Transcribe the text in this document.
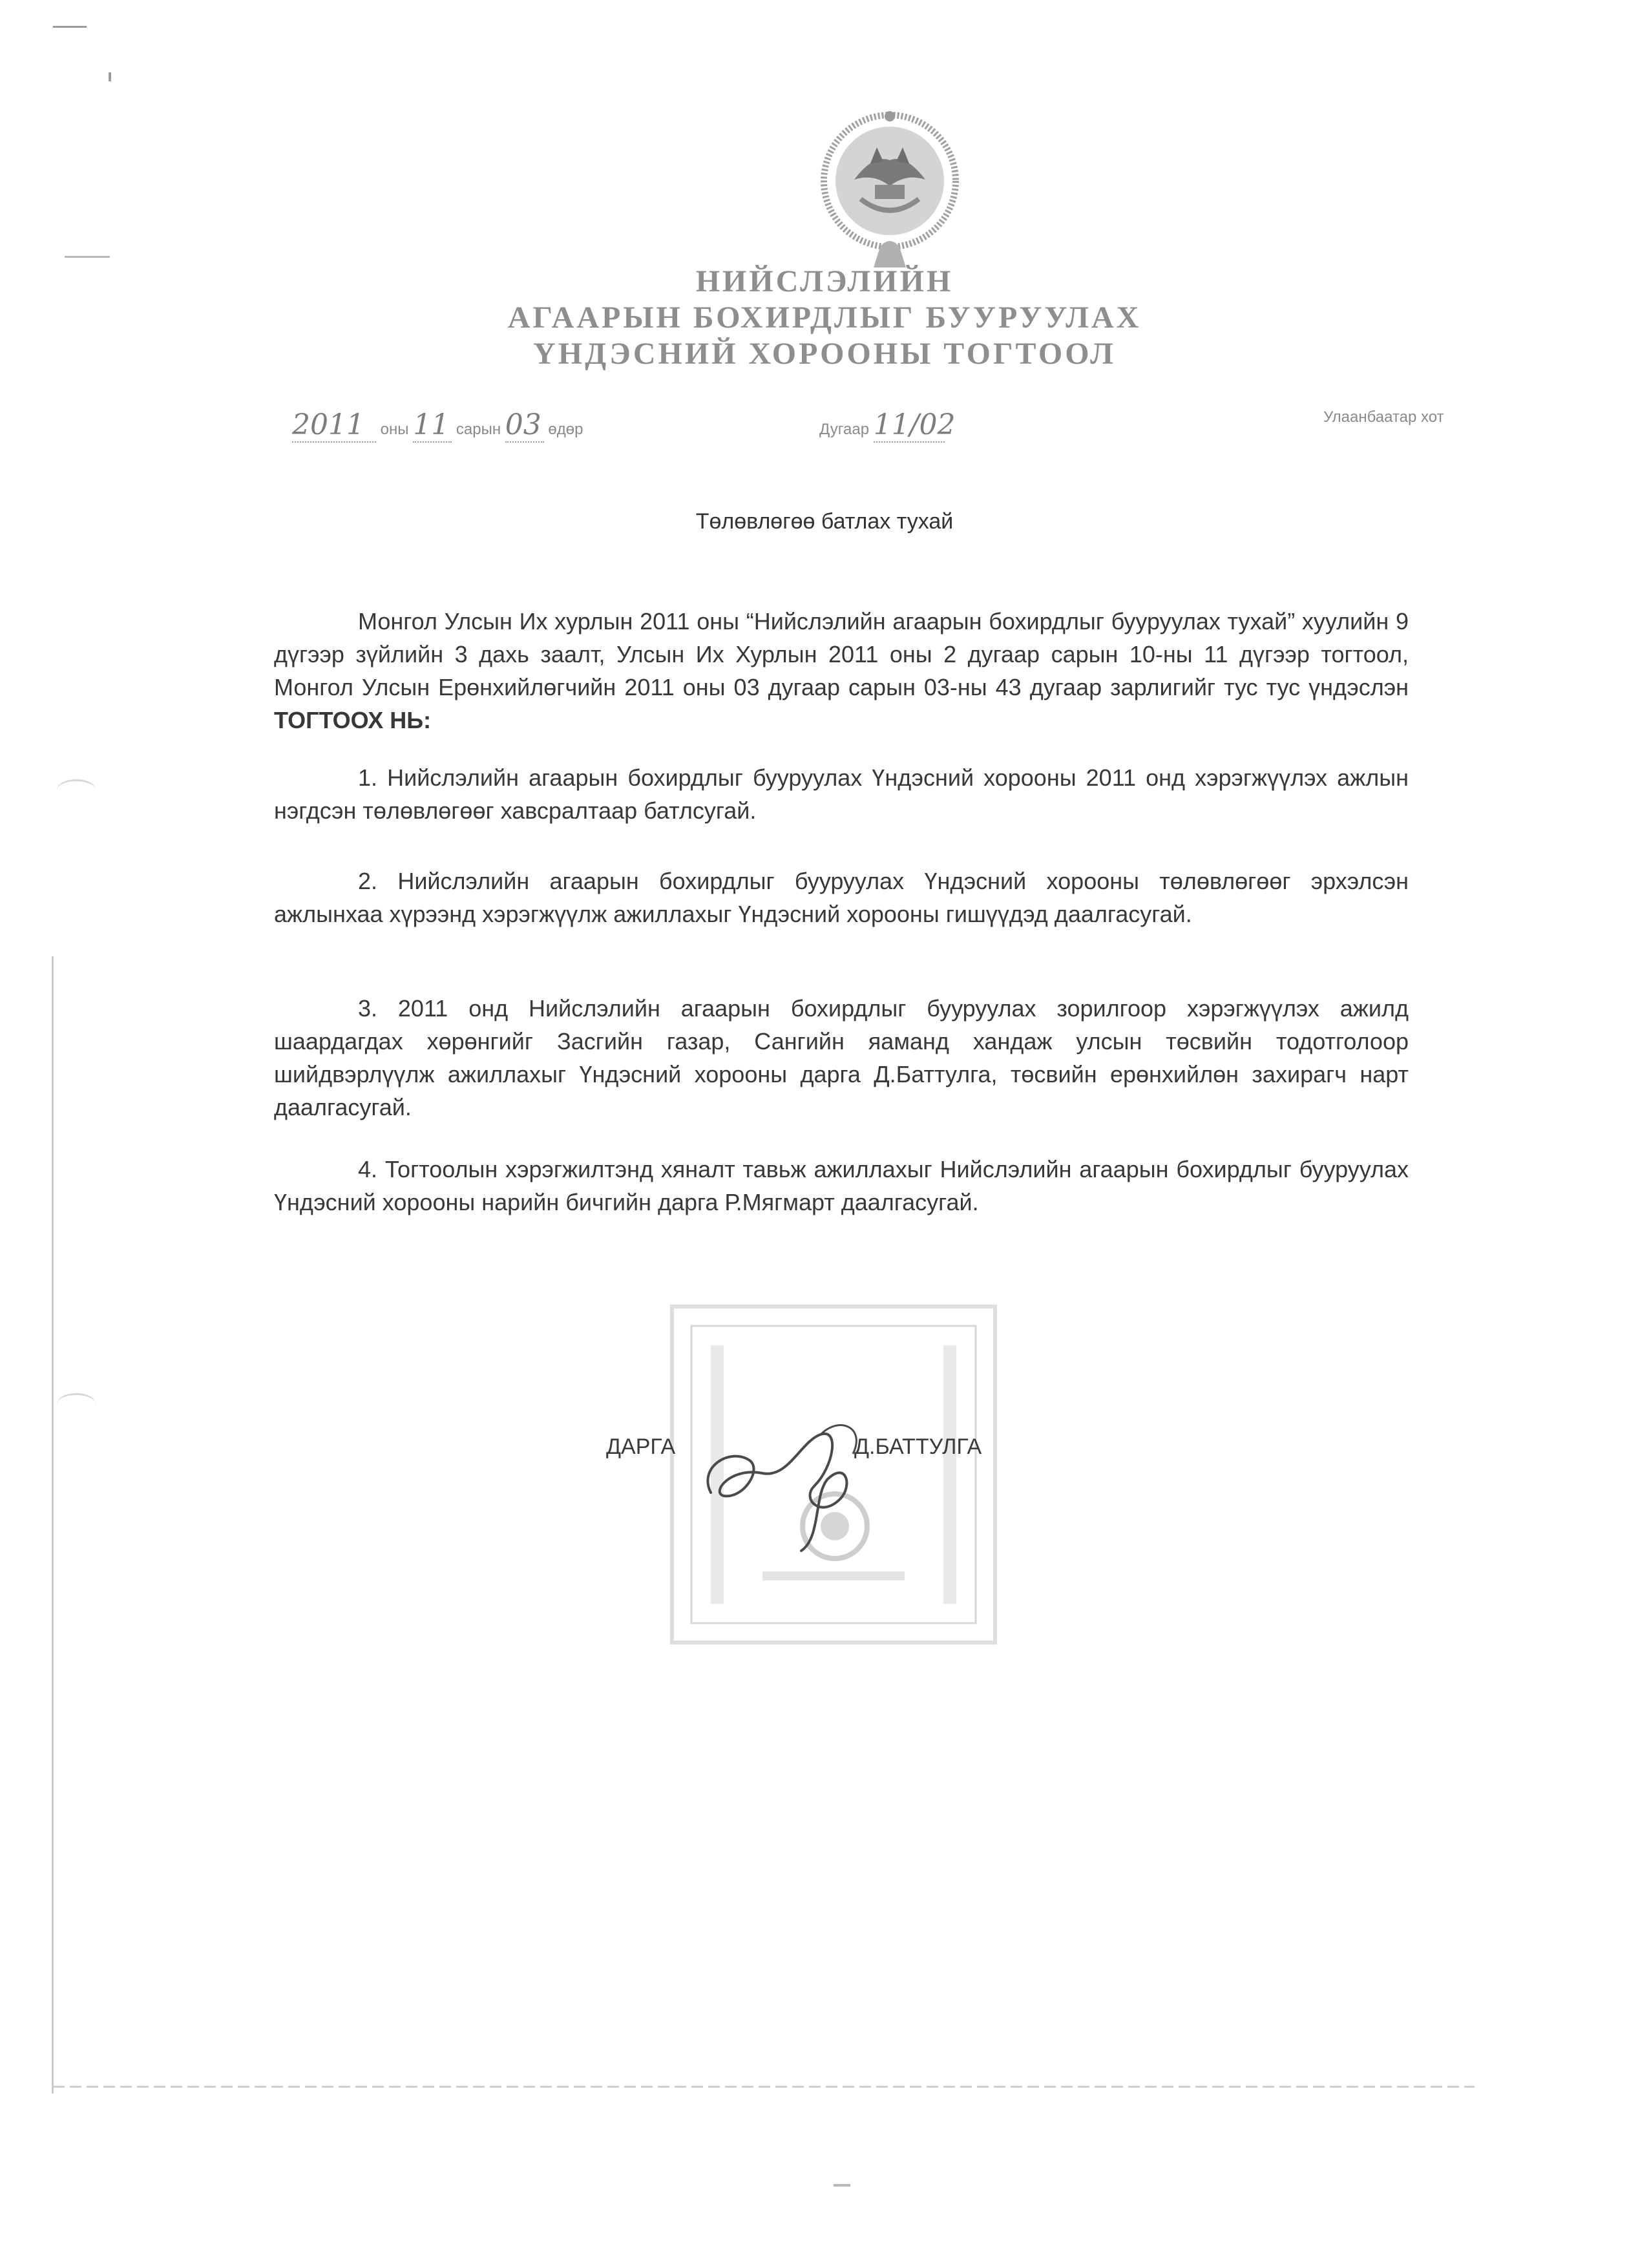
НИЙСЛЭЛИЙН
АГААРЫН БОХИРДЛЫГ БУУРУУЛАХ
ҮНДЭСНИЙ ХОРООНЫ ТОГТООЛ
2011 оны 11 сарын 03 өдөр	Дугаар 11/02	Улаанбаатар хот
Төлөвлөгөө батлах тухай
Монгол Улсын Их хурлын 2011 оны “Нийслэлийн агаарын бохирдлыг бууруулах тухай” хуулийн 9 дүгээр зүйлийн 3 дахь заалт, Улсын Их Хурлын 2011 оны 2 дугаар сарын 10-ны 11 дүгээр тогтоол, Монгол Улсын Ерөнхийлөгчийн 2011 оны 03 дугаар сарын 03-ны 43 дугаар зарлигийг тус тус үндэслэн ТОГТООХ НЬ:
1. Нийслэлийн агаарын бохирдлыг бууруулах Үндэсний хорооны 2011 онд хэрэгжүүлэх ажлын нэгдсэн төлөвлөгөөг хавсралтаар батлсугай.
2. Нийслэлийн агаарын бохирдлыг бууруулах Үндэсний хорооны төлөвлөгөөг эрхэлсэн ажлынхаа хүрээнд хэрэгжүүлж ажиллахыг Үндэсний хорооны гишүүдэд даалгасугай.
3. 2011 онд Нийслэлийн агаарын бохирдлыг бууруулах зорилгоор хэрэгжүүлэх ажилд шаардагдах хөрөнгийг Засгийн газар, Сангийн яаманд хандаж улсын төсвийн тодотголоор шийдвэрлүүлж ажиллахыг Үндэсний хорооны дарга Д.Баттулга, төсвийн ерөнхийлөн захирагч нарт даалгасугай.
4. Тогтоолын хэрэгжилтэнд хяналт тавьж ажиллахыг Нийслэлийн агаарын бохирдлыг бууруулах Үндэсний хорооны нарийн бичгийн дарга Р.Мягмарт даалгасугай.
ДАРГА	Д.БАТТУЛГА
